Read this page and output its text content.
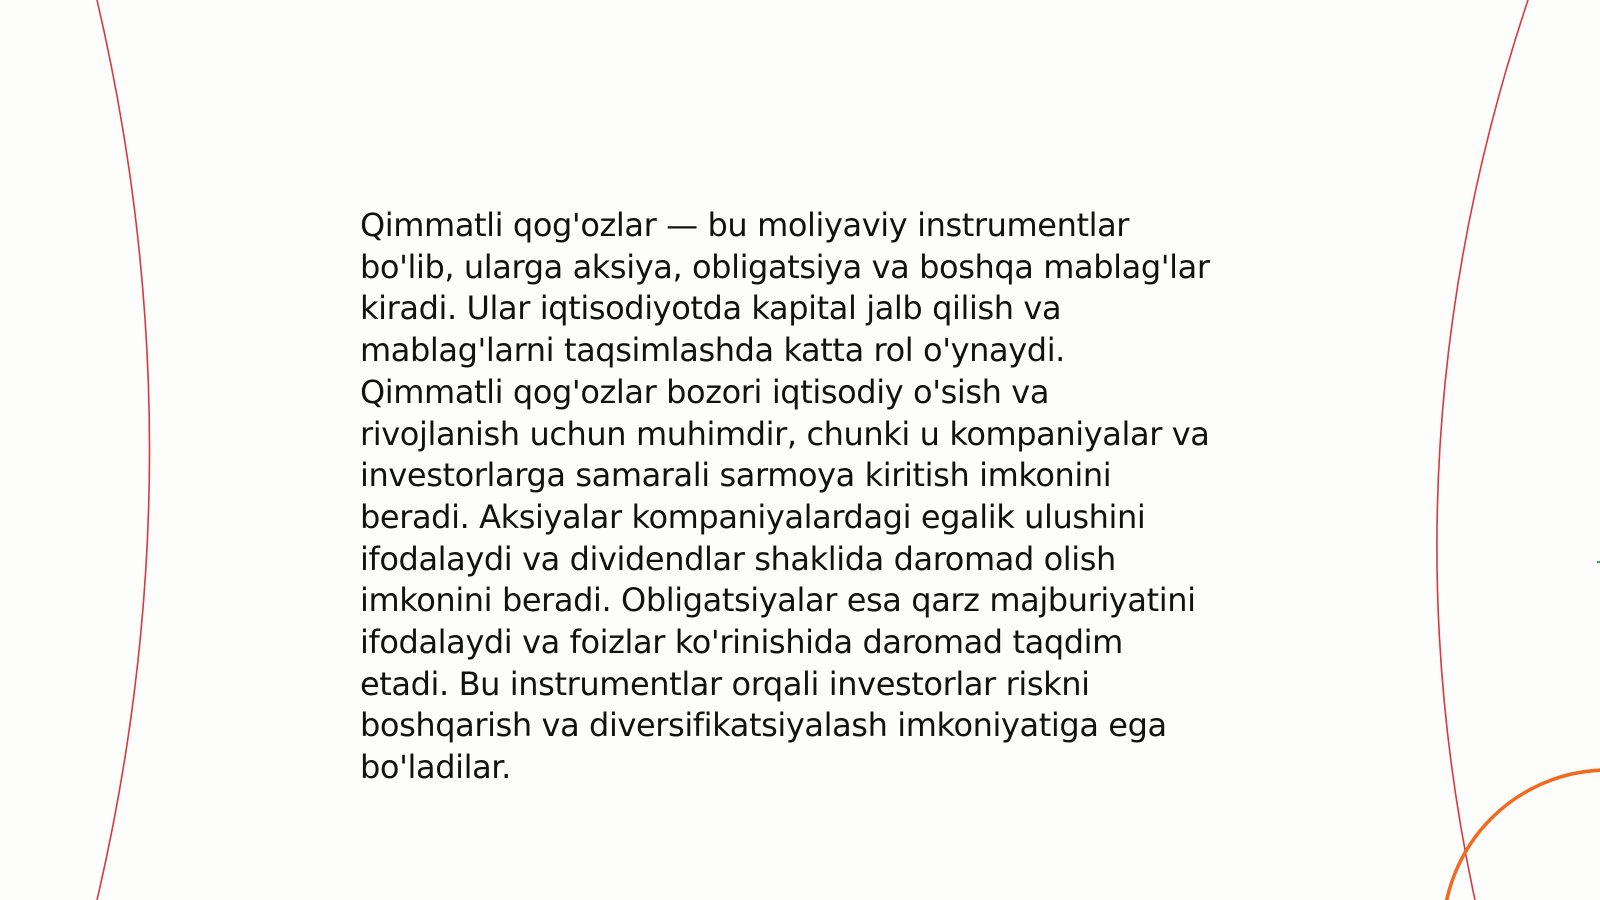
Qimmatli qog'ozlar — bu moliyaviy instrumentlar
bo'lib, ularga aksiya, obligatsiya va boshqa mablag'lar
kiradi. Ular iqtisodiyotda kapital jalb qilish va
mablag'larni taqsimlashda katta rol o'ynaydi.
Qimmatli qog'ozlar bozori iqtisodiy o'sish va
rivojlanish uchun muhimdir, chunki u kompaniyalar va
investorlarga samarali sarmoya kiritish imkonini
beradi. Aksiyalar kompaniyalardagi egalik ulushini
ifodalaydi va dividendlar shaklida daromad olish
imkonini beradi. Obligatsiyalar esa qarz majburiyatini
ifodalaydi va foizlar ko'rinishida daromad taqdim
etadi. Bu instrumentlar orqali investorlar riskni
boshqarish va diversifikatsiyalash imkoniyatiga ega
bo'ladilar.
